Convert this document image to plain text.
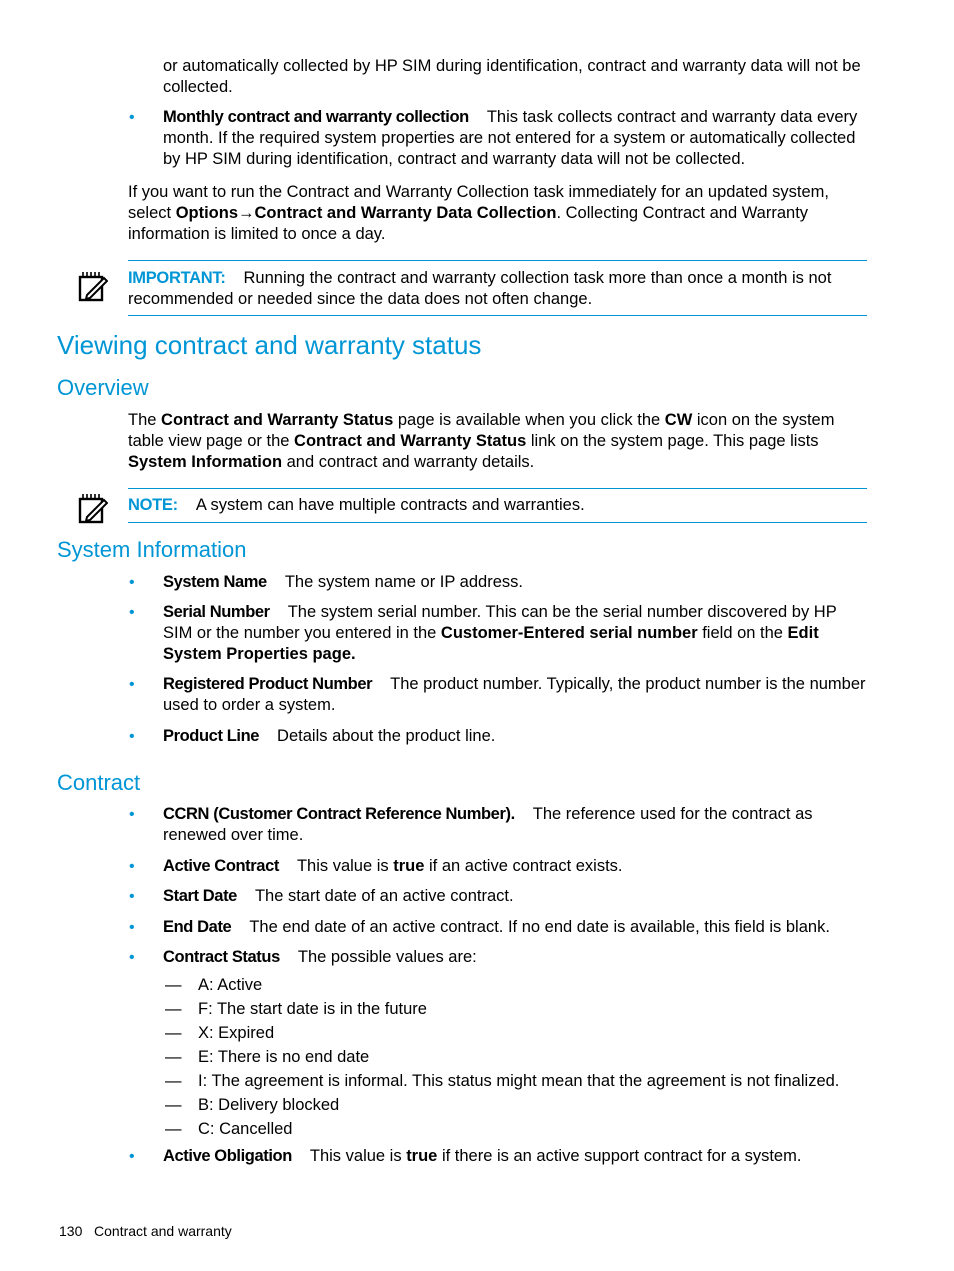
or automatically collected by HP SIM during identification, contract and warranty data will not be collected.
• Monthly contract and warranty collection This task collects contract and warranty data every month. If the required system properties are not entered for a system or automatically collected by HP SIM during identification, contract and warranty data will not be collected.
If you want to run the Contract and Warranty Collection task immediately for an updated system, select Options→Contract and Warranty Data Collection. Collecting Contract and Warranty information is limited to once a day.
IMPORTANT: Running the contract and warranty collection task more than once a month is not recommended or needed since the data does not often change.
Viewing contract and warranty status
Overview
The Contract and Warranty Status page is available when you click the CW icon on the system table view page or the Contract and Warranty Status link on the system page. This page lists System Information and contract and warranty details.
NOTE: A system can have multiple contracts and warranties.
System Information
• System Name The system name or IP address.
• Serial Number The system serial number. This can be the serial number discovered by HP SIM or the number you entered in the Customer-Entered serial number field on the Edit System Properties page.
• Registered Product Number The product number. Typically, the product number is the number used to order a system.
• Product Line Details about the product line.
Contract
• CCRN (Customer Contract Reference Number). The reference used for the contract as renewed over time.
• Active Contract This value is true if an active contract exists.
• Start Date The start date of an active contract.
• End Date The end date of an active contract. If no end date is available, this field is blank.
• Contract Status The possible values are:
— A: Active
— F: The start date is in the future
— X: Expired
— E: There is no end date
— I: The agreement is informal. This status might mean that the agreement is not finalized.
— B: Delivery blocked
— C: Cancelled
• Active Obligation This value is true if there is an active support contract for a system.
130 Contract and warranty
